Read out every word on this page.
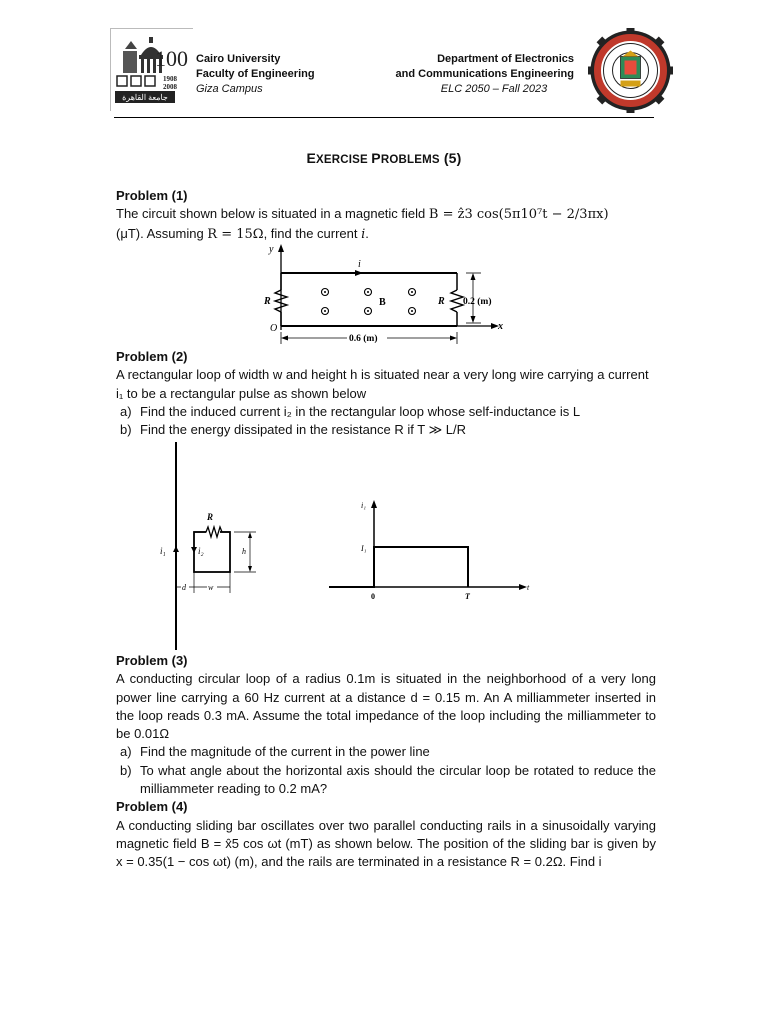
100
1908
2008
جامعة القاهرة
Cairo University
Faculty of Engineering
Giza Campus
Department of Electronics
and Communications Engineering
ELC 2050 – Fall 2023
EXERCISE PROBLEMS (5)
Problem (1)
The circuit shown below is situated in a magnetic field B = ẑ3 cos(5π10⁷t − 2/3πx)
(μT). Assuming R = 15Ω, find the current i.
y
x
O
i
R	R
B	0.2 (m)
0.6 (m)
Problem (2)
A rectangular loop of width w and height h is situated near a very long wire carrying a current i₁ to be a rectangular pulse as shown below
a) Find the induced current i₂ in the rectangular loop whose self-inductance is L
b) Find the energy dissipated in the resistance R if T ≫ L/R
i₁
R
i₂	h
d	w
i₁
t
I₁
0	T
Problem (3)
A conducting circular loop of a radius 0.1m is situated in the neighborhood of a very long power line carrying a 60 Hz current at a distance d = 0.15 m. An A milliammeter inserted in the loop reads 0.3 mA. Assume the total impedance of the loop including the milliammeter to be 0.01Ω
a) Find the magnitude of the current in the power line
b) To what angle about the horizontal axis should the circular loop be rotated to reduce the milliammeter reading to 0.2 mA?
Problem (4)
A conducting sliding bar oscillates over two parallel conducting rails in a sinusoidally varying magnetic field B = x̂5 cos ωt (mT) as shown below. The position of the sliding bar is given by x = 0.35(1 − cos ωt) (m), and the rails are terminated in a resistance R = 0.2Ω. Find i
